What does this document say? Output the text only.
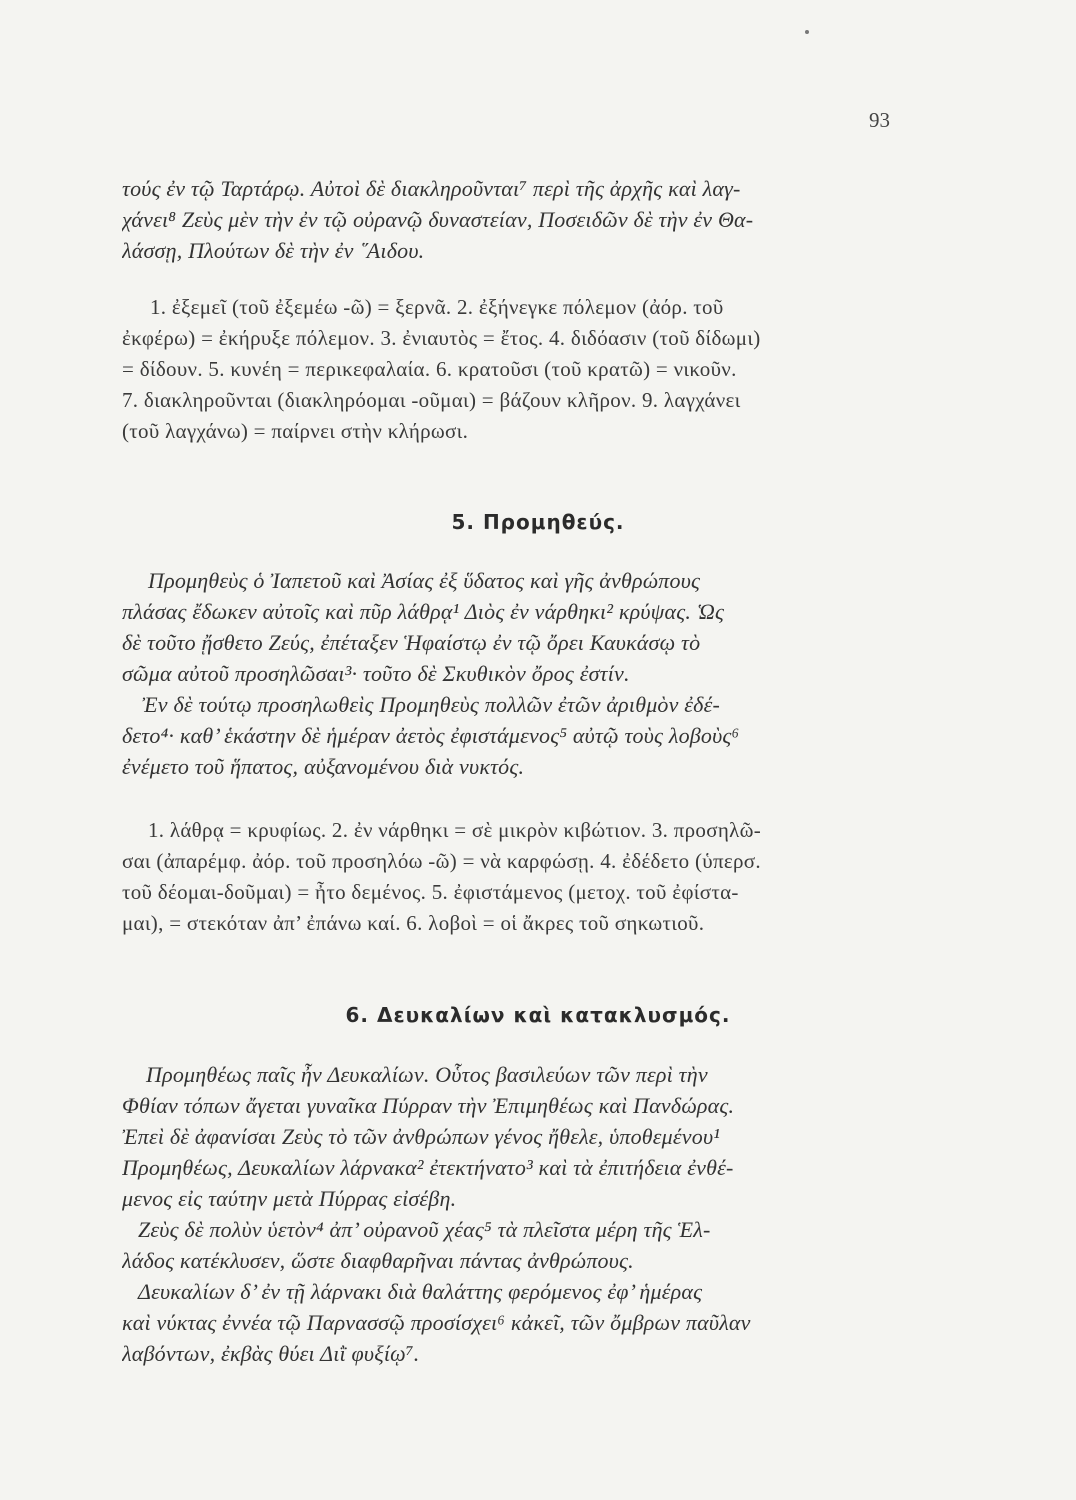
93
τούς ἐν τῷ Ταρτάρῳ. Αὐτοὶ δὲ διακληροῦνται⁷ περὶ τῆς ἀρχῆς καὶ λαγ-
χάνει⁸ Ζεὺς μὲν τὴν ἐν τῷ οὐρανῷ δυναστείαν, Ποσειδῶν δὲ τὴν ἐν Θα-
λάσσῃ, Πλούτων δὲ τὴν ἐν ῞Αιδου.
1. ἐξεμεῖ (τοῦ ἐξεμέω -ῶ) = ξερνᾶ. 2. ἐξήνεγκε πόλεμον (ἀόρ. τοῦ
ἐκφέρω) = ἐκήρυξε πόλεμον. 3. ἐνιαυτὸς = ἔτος. 4. διδόασιν (τοῦ δίδωμι)
= δίδουν. 5. κυνέη = περικεφαλαία. 6. κρατοῦσι (τοῦ κρατῶ) = νικοῦν.
7. διακληροῦνται (διακληρόομαι -οῦμαι) = βάζουν κλῆρον. 9. λαγχάνει
(τοῦ λαγχάνω) = παίρνει στὴν κλήρωσι.
5. Προμηθεύς.
Προμηθεὺς ὁ Ἰαπετοῦ καὶ Ἀσίας ἐξ ὕδατος καὶ γῆς ἀνθρώπους
πλάσας ἔδωκεν αὐτοῖς καὶ πῦρ λάθρᾳ¹ Διὸς ἐν νάρθηκι² κρύψας. Ὡς
δὲ τοῦτο ᾔσθετο Ζεύς, ἐπέταξεν Ἡφαίστῳ ἐν τῷ ὄρει Καυκάσῳ τὸ
σῶμα αὐτοῦ προσηλῶσαι³· τοῦτο δὲ Σκυθικὸν ὄρος ἐστίν.
Ἐν δὲ τούτῳ προσηλωθεὶς Προμηθεὺς πολλῶν ἐτῶν ἀριθμὸν ἐδέ-
δετο⁴· καθ’ ἑκάστην δὲ ἡμέραν ἀετὸς ἐφιστάμενος⁵ αὐτῷ τοὺς λοβοὺς⁶
ἐνέμετο τοῦ ἥπατος, αὐξανομένου διὰ νυκτός.
1. λάθρᾳ = κρυφίως. 2. ἐν νάρθηκι = σὲ μικρὸν κιβώτιον. 3. προσηλῶ-
σαι (ἀπαρέμφ. ἀόρ. τοῦ προσηλόω -ῶ) = νὰ καρφώσῃ. 4. ἐδέδετο (ὑπερσ.
τοῦ δέομαι-δοῦμαι) = ἦτο δεμένος. 5. ἐφιστάμενος (μετοχ. τοῦ ἐφίστα-
μαι), = στεκόταν ἀπ’ ἐπάνω καί. 6. λοβοὶ = οἱ ἄκρες τοῦ σηκωτιοῦ.
6. Δευκαλίων καὶ κατακλυσμός.
Προμηθέως παῖς ἦν Δευκαλίων. Οὗτος βασιλεύων τῶν περὶ τὴν
Φθίαν τόπων ἄγεται γυναῖκα Πύρραν τὴν Ἐπιμηθέως καὶ Πανδώρας.
Ἐπεὶ δὲ ἀφανίσαι Ζεὺς τὸ τῶν ἀνθρώπων γένος ἤθελε, ὑποθεμένου¹
Προμηθέως, Δευκαλίων λάρνακα² ἐτεκτήνατο³ καὶ τὰ ἐπιτήδεια ἐνθέ-
μενος εἰς ταύτην μετὰ Πύρρας εἰσέβη.
Ζεὺς δὲ πολὺν ὑετὸν⁴ ἀπ’ οὐρανοῦ χέας⁵ τὰ πλεῖστα μέρη τῆς Ἑλ-
λάδος κατέκλυσεν, ὥστε διαφθαρῆναι πάντας ἀνθρώπους.
Δευκαλίων δ’ ἐν τῇ λάρνακι διὰ θαλάττης φερόμενος ἐφ’ ἡμέρας
καὶ νύκτας ἐννέα τῷ Παρνασσῷ προσίσχει⁶ κἀκεῖ, τῶν ὄμβρων παῦλαν
λαβόντων, ἐκβὰς θύει Διῒ φυξίῳ⁷.
